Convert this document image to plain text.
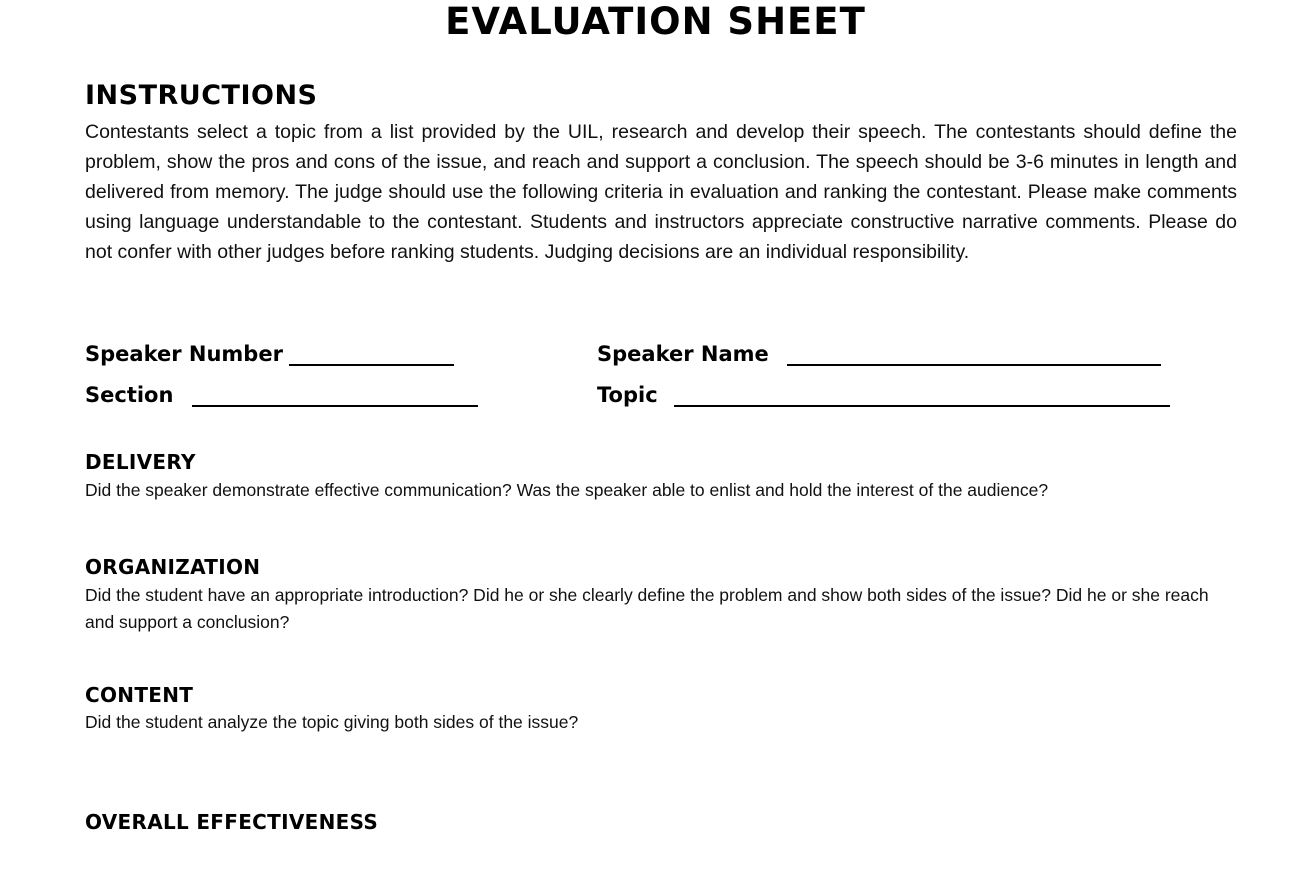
EVALUATION SHEET
INSTRUCTIONS
Contestants select a topic from a list provided by the UIL, research and develop their speech. The contestants should define the problem, show the pros and cons of the issue, and reach and support a conclusion. The speech should be 3-6 minutes in length and delivered from memory. The judge should use the following criteria in evaluation and ranking the contestant. Please make comments using language understandable to the contestant. Students and instructors appreciate constructive narrative comments. Please do not confer with other judges before ranking students. Judging decisions are an individual responsibility.
Speaker Number	Speaker Name
Section	Topic
DELIVERY
Did the speaker demonstrate effective communication? Was the speaker able to enlist and hold the interest of the audience?
ORGANIZATION
Did the student have an appropriate introduction? Did he or she clearly define the problem and show both sides of the issue? Did he or she reach and support a conclusion?
CONTENT
Did the student analyze the topic giving both sides of the issue?
OVERALL EFFECTIVENESS
